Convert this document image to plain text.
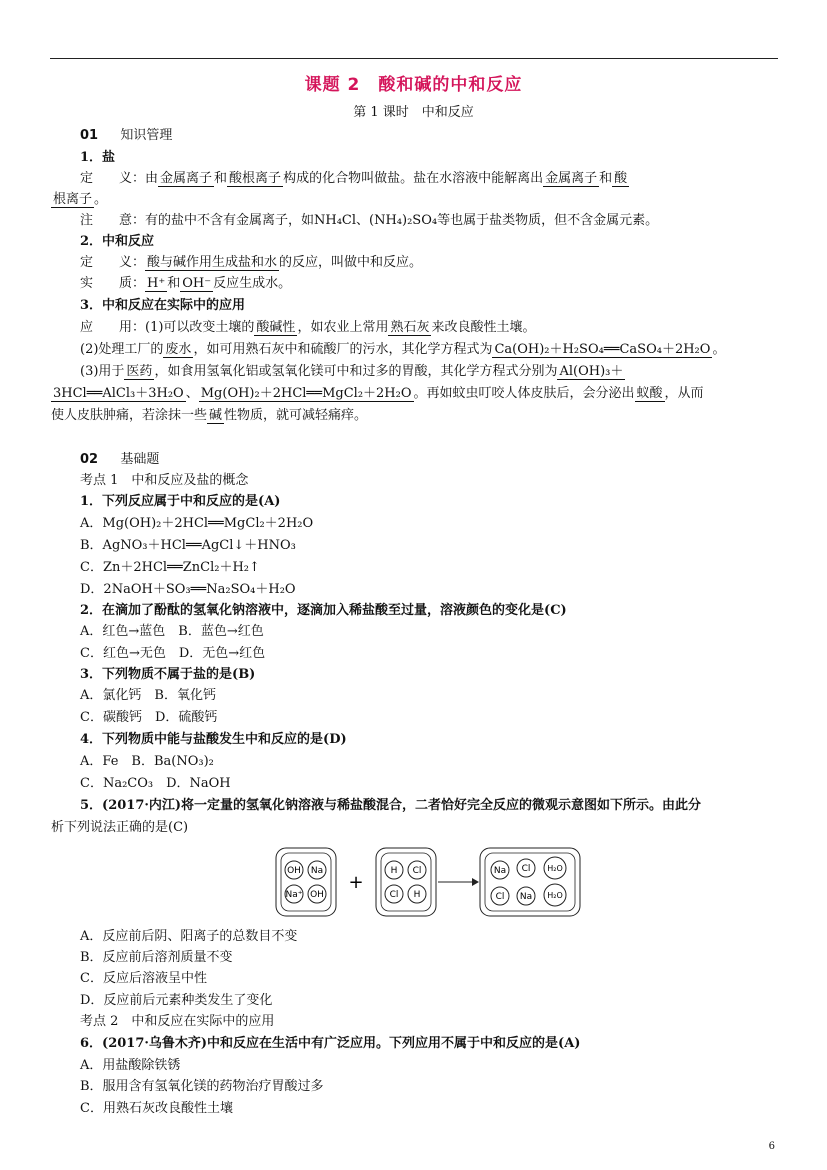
课题 2　酸和碱的中和反应
第 1 课时　中和反应
01 知识管理
1．盐
定　　义：由 金属离子 和 酸根离子 构成的化合物叫做盐。盐在水溶液中能解离出 金属离子 和 酸
根离子 。
注　　意：有的盐中不含有金属离子，如NH₄Cl、(NH₄)₂SO₄等也属于盐类物质，但不含金属元素。
2．中和反应
定　　义： 酸与碱作用生成盐和水 的反应，叫做中和反应。
实　　质： H⁺ 和 OH⁻ 反应生成水。
3．中和反应在实际中的应用
应　　用：(1)可以改变土壤的 酸碱性 ，如农业上常用 熟石灰 来改良酸性土壤。
(2)处理工厂的 废水 ，如可用熟石灰中和硫酸厂的污水，其化学方程式为 Ca(OH)₂＋H₂SO₄══CaSO₄＋2H₂O 。
(3)用于 医药 ，如食用氢氧化铝或氢氧化镁可中和过多的胃酸，其化学方程式分别为 Al(OH)₃＋
3HCl══AlCl₃＋3H₂O 、 Mg(OH)₂＋2HCl══MgCl₂＋2H₂O 。再如蚊虫叮咬人体皮肤后，会分泌出 蚁酸 ，从而
使人皮肤肿痛，若涂抹一些 碱 性物质，就可减轻痛痒。
02 基础题
考点 1　中和反应及盐的概念
1．下列反应属于中和反应的是(A)
A．Mg(OH)₂＋2HCl══MgCl₂＋2H₂O
B．AgNO₃＋HCl══AgCl↓＋HNO₃
C．Zn＋2HCl══ZnCl₂＋H₂↑
D．2NaOH＋SO₃══Na₂SO₄＋H₂O
2．在滴加了酚酞的氢氧化钠溶液中，逐滴加入稀盐酸至过量，溶液颜色的变化是(C)
A．红色→蓝色　B．蓝色→红色
C．红色→无色　D．无色→红色
3．下列物质不属于盐的是(B)
A．氯化钙　B．氧化钙
C．碳酸钙　D．硫酸钙
4．下列物质中能与盐酸发生中和反应的是(D)
A．Fe　B．Ba(NO₃)₂
C．Na₂CO₃　D．NaOH
5．(2017·内江)将一定量的氢氧化钠溶液与稀盐酸混合，二者恰好完全反应的微观示意图如下所示。由此分
析下列说法正确的是(C)
OH Na
Na⁺ OH
+
H Cl
Cl H
Na Cl H₂O
Cl Na H₂O
A．反应前后阴、阳离子的总数目不变
B．反应前后溶剂质量不变
C．反应后溶液呈中性
D．反应前后元素种类发生了变化
考点 2　中和反应在实际中的应用
6．(2017·乌鲁木齐)中和反应在生活中有广泛应用。下列应用不属于中和反应的是(A)
A．用盐酸除铁锈
B．服用含有氢氧化镁的药物治疗胃酸过多
C．用熟石灰改良酸性土壤
6
